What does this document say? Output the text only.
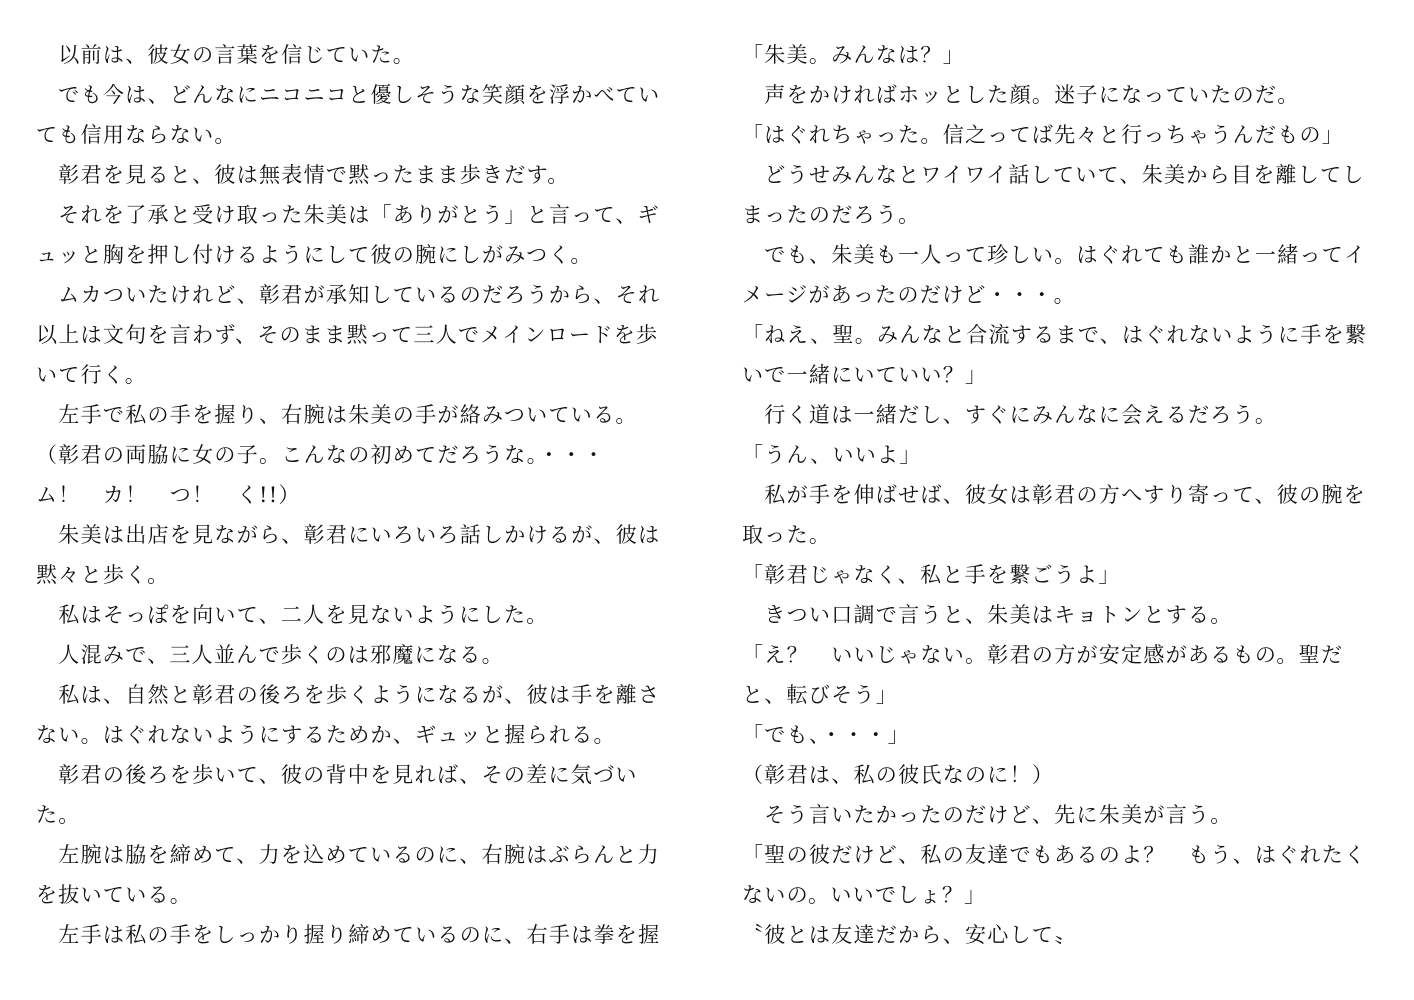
　以前は、彼女の言葉を信じていた。
　でも今は、どんなにニコニコと優しそうな笑顔を浮かべてい
ても信用ならない。
　彰君を見ると、彼は無表情で黙ったまま歩きだす。
　それを了承と受け取った朱美は「ありがとう」と言って、ギ
ュッと胸を押し付けるようにして彼の腕にしがみつく。
　ムカついたけれど、彰君が承知しているのだろうから、それ
以上は文句を言わず、そのまま黙って三人でメインロードを歩
いて行く。
　左手で私の手を握り、右腕は朱美の手が絡みついている。
（彰君の両脇に女の子。こんなの初めてだろうな。・・・
ム！　カ！　つ！　く!!）
　朱美は出店を見ながら、彰君にいろいろ話しかけるが、彼は
黙々と歩く。
　私はそっぽを向いて、二人を見ないようにした。
　人混みで、三人並んで歩くのは邪魔になる。
　私は、自然と彰君の後ろを歩くようになるが、彼は手を離さ
ない。はぐれないようにするためか、ギュッと握られる。
　彰君の後ろを歩いて、彼の背中を見れば、その差に気づい
た。
　左腕は脇を締めて、力を込めているのに、右腕はぶらんと力
を抜いている。
　左手は私の手をしっかり握り締めているのに、右手は拳を握
「朱美。みんなは？」
　声をかければホッとした顔。迷子になっていたのだ。
「はぐれちゃった。信之ってば先々と行っちゃうんだもの」
　どうせみんなとワイワイ話していて、朱美から目を離してし
まったのだろう。
　でも、朱美も一人って珍しい。はぐれても誰かと一緒ってイ
メージがあったのだけど・・・。
「ねえ、聖。みんなと合流するまで、はぐれないように手を繋
いで一緒にいていい？」
　行く道は一緒だし、すぐにみんなに会えるだろう。
「うん、いいよ」
　私が手を伸ばせば、彼女は彰君の方へすり寄って、彼の腕を
取った。
「彰君じゃなく、私と手を繋ごうよ」
　きつい口調で言うと、朱美はキョトンとする。
「え？　いいじゃない。彰君の方が安定感があるもの。聖だ
と、転びそう」
「でも、・・・」
（彰君は、私の彼氏なのに！）
　そう言いたかったのだけど、先に朱美が言う。
「聖の彼だけど、私の友達でもあるのよ？　もう、はぐれたく
ないの。いいでしょ？」
〝彼とは友達だから、安心して〟
